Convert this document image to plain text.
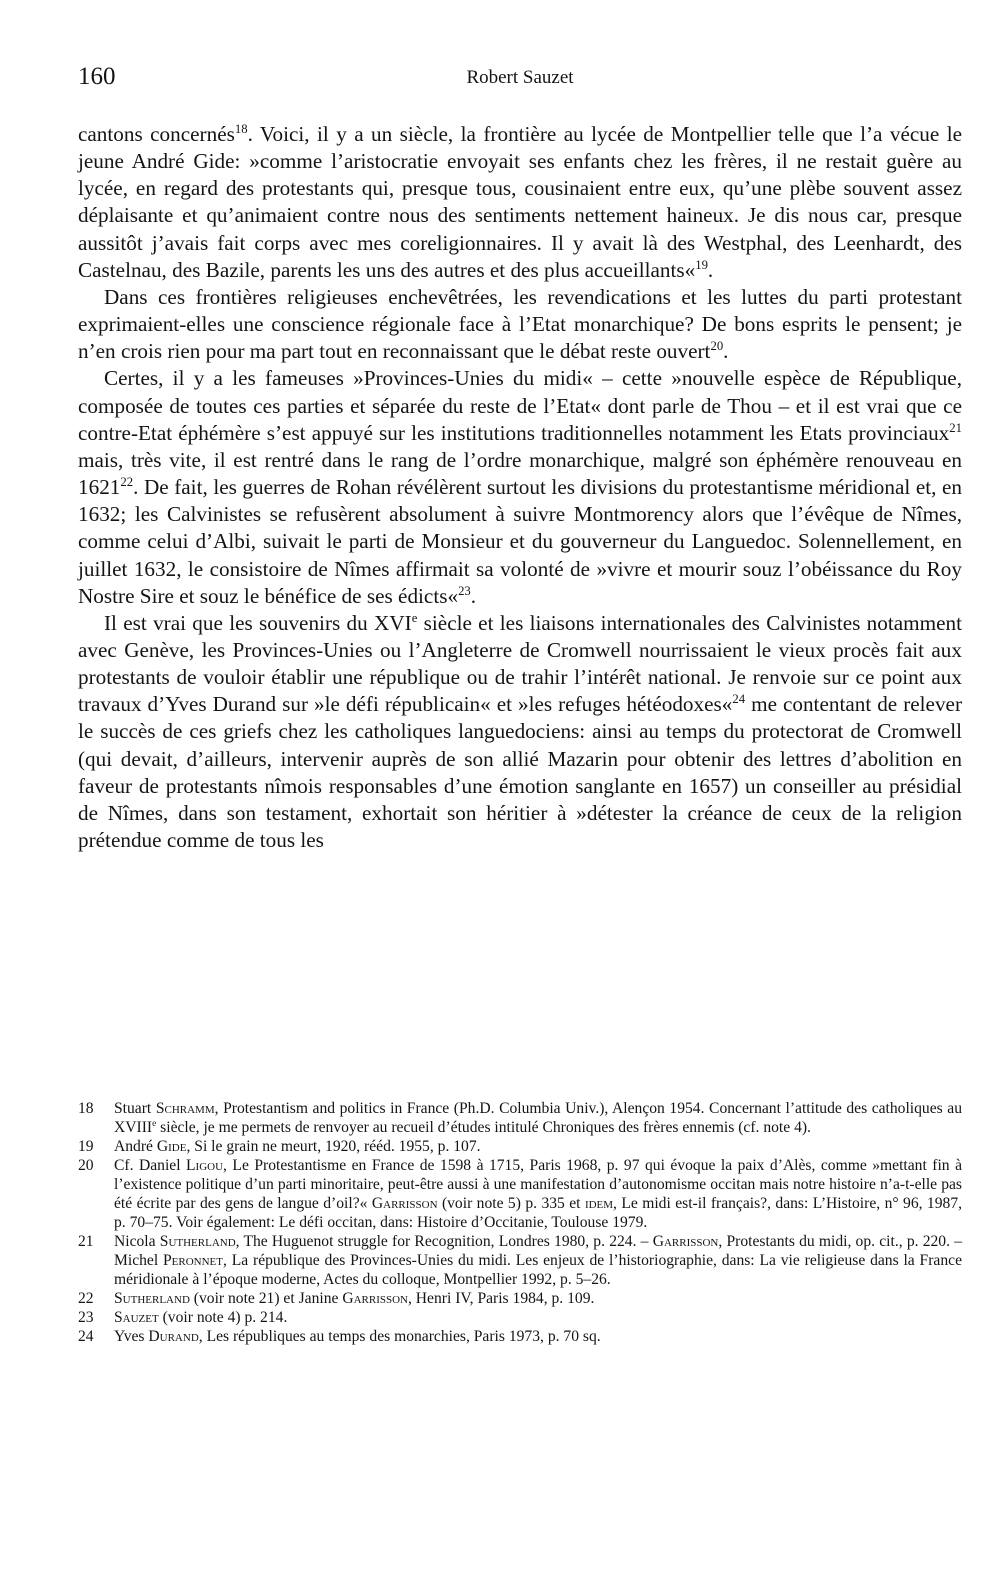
160	Robert Sauzet

cantons concernés$^{18}$. Voici, il y a un siècle, la frontière au lycée de Montpellier telle que l’a vécue le jeune André Gide: »comme l’aristocratie envoyait ses enfants chez les frères, il ne restait guère au lycée, en regard des protestants qui, presque tous, cousinaient entre eux, qu’une plèbe souvent assez déplaisante et qu’animaient contre nous des sentiments nettement haineux. Je dis nous car, presque aussitôt j’avais fait corps avec mes coreligionnaires. Il y avait là des Westphal, des Leenhardt, des Castelnau, des Bazile, parents les uns des autres et des plus accueillants«$^{19}$.

Dans ces frontières religieuses enchevêtrées, les revendications et les luttes du parti protestant exprimaient-elles une conscience régionale face à l’Etat monarchique? De bons esprits le pensent; je n’en crois rien pour ma part tout en reconnaissant que le débat reste ouvert$^{20}$.

Certes, il y a les fameuses »Provinces-Unies du midi« – cette »nouvelle espèce de République, composée de toutes ces parties et séparée du reste de l’Etat« dont parle de Thou – et il est vrai que ce contre-Etat éphémère s’est appuyé sur les institutions traditionnelles notamment les Etats provinciaux$^{21}$ mais, très vite, il est rentré dans le rang de l’ordre monarchique, malgré son éphémère renouveau en 1621$^{22}$. De fait, les guerres de Rohan révélèrent surtout les divisions du protestantisme méridional et, en 1632; les Calvinistes se refusèrent absolument à suivre Montmorency alors que l’évêque de Nîmes, comme celui d’Albi, suivait le parti de Monsieur et du gouverneur du Languedoc. Solennellement, en juillet 1632, le consistoire de Nîmes affirmait sa volonté de »vivre et mourir souz l’obéissance du Roy Nostre Sire et souz le bénéfice de ses édicts«$^{23}$.

Il est vrai que les souvenirs du XVIe siècle et les liaisons internationales des Calvinistes notamment avec Genève, les Provinces-Unies ou l’Angleterre de Cromwell nourrissaient le vieux procès fait aux protestants de vouloir établir une république ou de trahir l’intérêt national. Je renvoie sur ce point aux travaux d’Yves Durand sur »le défi républicain« et »les refuges hétéodoxes«$^{24}$ me contentant de relever le succès de ces griefs chez les catholiques languedociens: ainsi au temps du protectorat de Cromwell (qui devait, d’ailleurs, intervenir auprès de son allié Mazarin pour obtenir des lettres d’abolition en faveur de protestants nîmois responsables d’une émotion sanglante en 1657) un conseiller au présidial de Nîmes, dans son testament, exhortait son héritier à »détester la créance de ceux de la religion prétendue comme de tous les

18 Stuart Schramm, Protestantism and politics in France (Ph.D. Columbia Univ.), Alençon 1954. Concernant l’attitude des catholiques au XVIIIe siècle, je me permets de renvoyer au recueil d’études intitulé Chroniques des frères ennemis (cf. note 4).
19 André Gide, Si le grain ne meurt, 1920, rééd. 1955, p. 107.
20 Cf. Daniel Ligou, Le Protestantisme en France de 1598 à 1715, Paris 1968, p. 97 qui évoque la paix d’Alès, comme »mettant fin à l’existence politique d’un parti minoritaire, peut-être aussi à une manifestation d’autonomisme occitan mais notre histoire n’a-t-elle pas été écrite par des gens de langue d’oil?« Garrisson (voir note 5) p. 335 et idem, Le midi est-il français?, dans: L’Histoire, n° 96, 1987, p. 70–75. Voir également: Le défi occitan, dans: Histoire d’Occitanie, Toulouse 1979.
21 Nicola Sutherland, The Huguenot struggle for Recognition, Londres 1980, p. 224. – Garrisson, Protestants du midi, op. cit., p. 220. – Michel Peronnet, La république des Provinces-Unies du midi. Les enjeux de l’historiographie, dans: La vie religieuse dans la France méridionale à l’époque moderne, Actes du colloque, Montpellier 1992, p. 5–26.
22 Sutherland (voir note 21) et Janine Garrisson, Henri IV, Paris 1984, p. 109.
23 Sauzet (voir note 4) p. 214.
24 Yves Durand, Les républiques au temps des monarchies, Paris 1973, p. 70 sq.
